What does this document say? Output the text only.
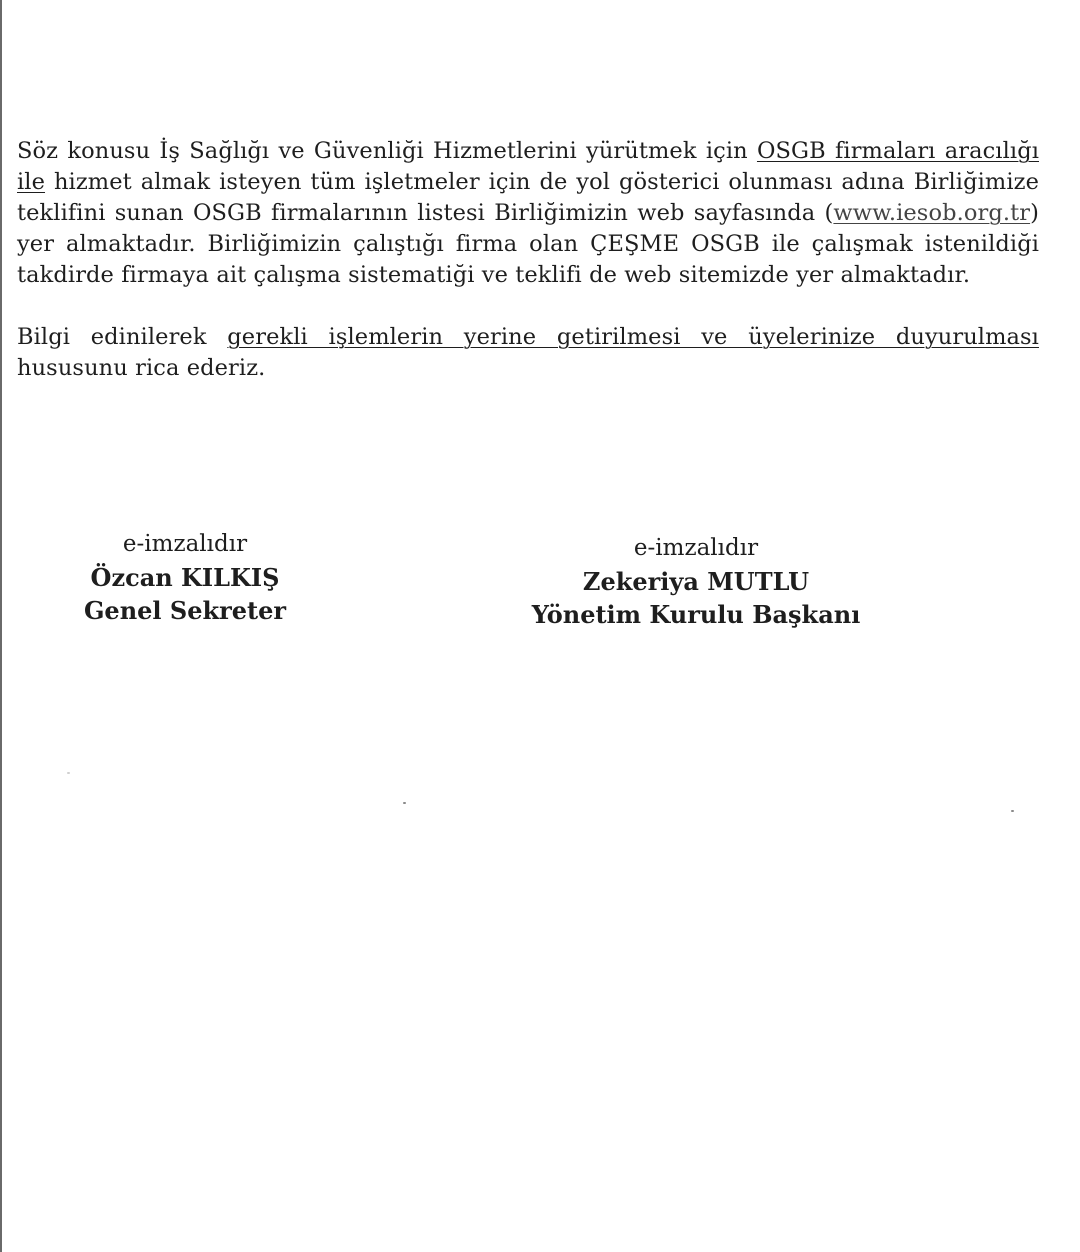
Söz konusu İş Sağlığı ve Güvenliği Hizmetlerini yürütmek için OSGB firmaları aracılığı ile hizmet almak isteyen tüm işletmeler için de yol gösterici olunması adına Birliğimize teklifini sunan OSGB firmalarının listesi Birliğimizin web sayfasında (www.iesob.org.tr) yer almaktadır. Birliğimizin çalıştığı firma olan ÇEŞME OSGB ile çalışmak istenildiği takdirde firmaya ait çalışma sistematiği ve teklifi de web sitemizde yer almaktadır.

Bilgi edinilerek gerekli işlemlerin yerine getirilmesi ve üyelerinize duyurulması hususunu rica ederiz.

e-imzalıdır
Özcan KILKIŞ
Genel Sekreter
e-imzalıdır
Zekeriya MUTLU
Yönetim Kurulu Başkanı
